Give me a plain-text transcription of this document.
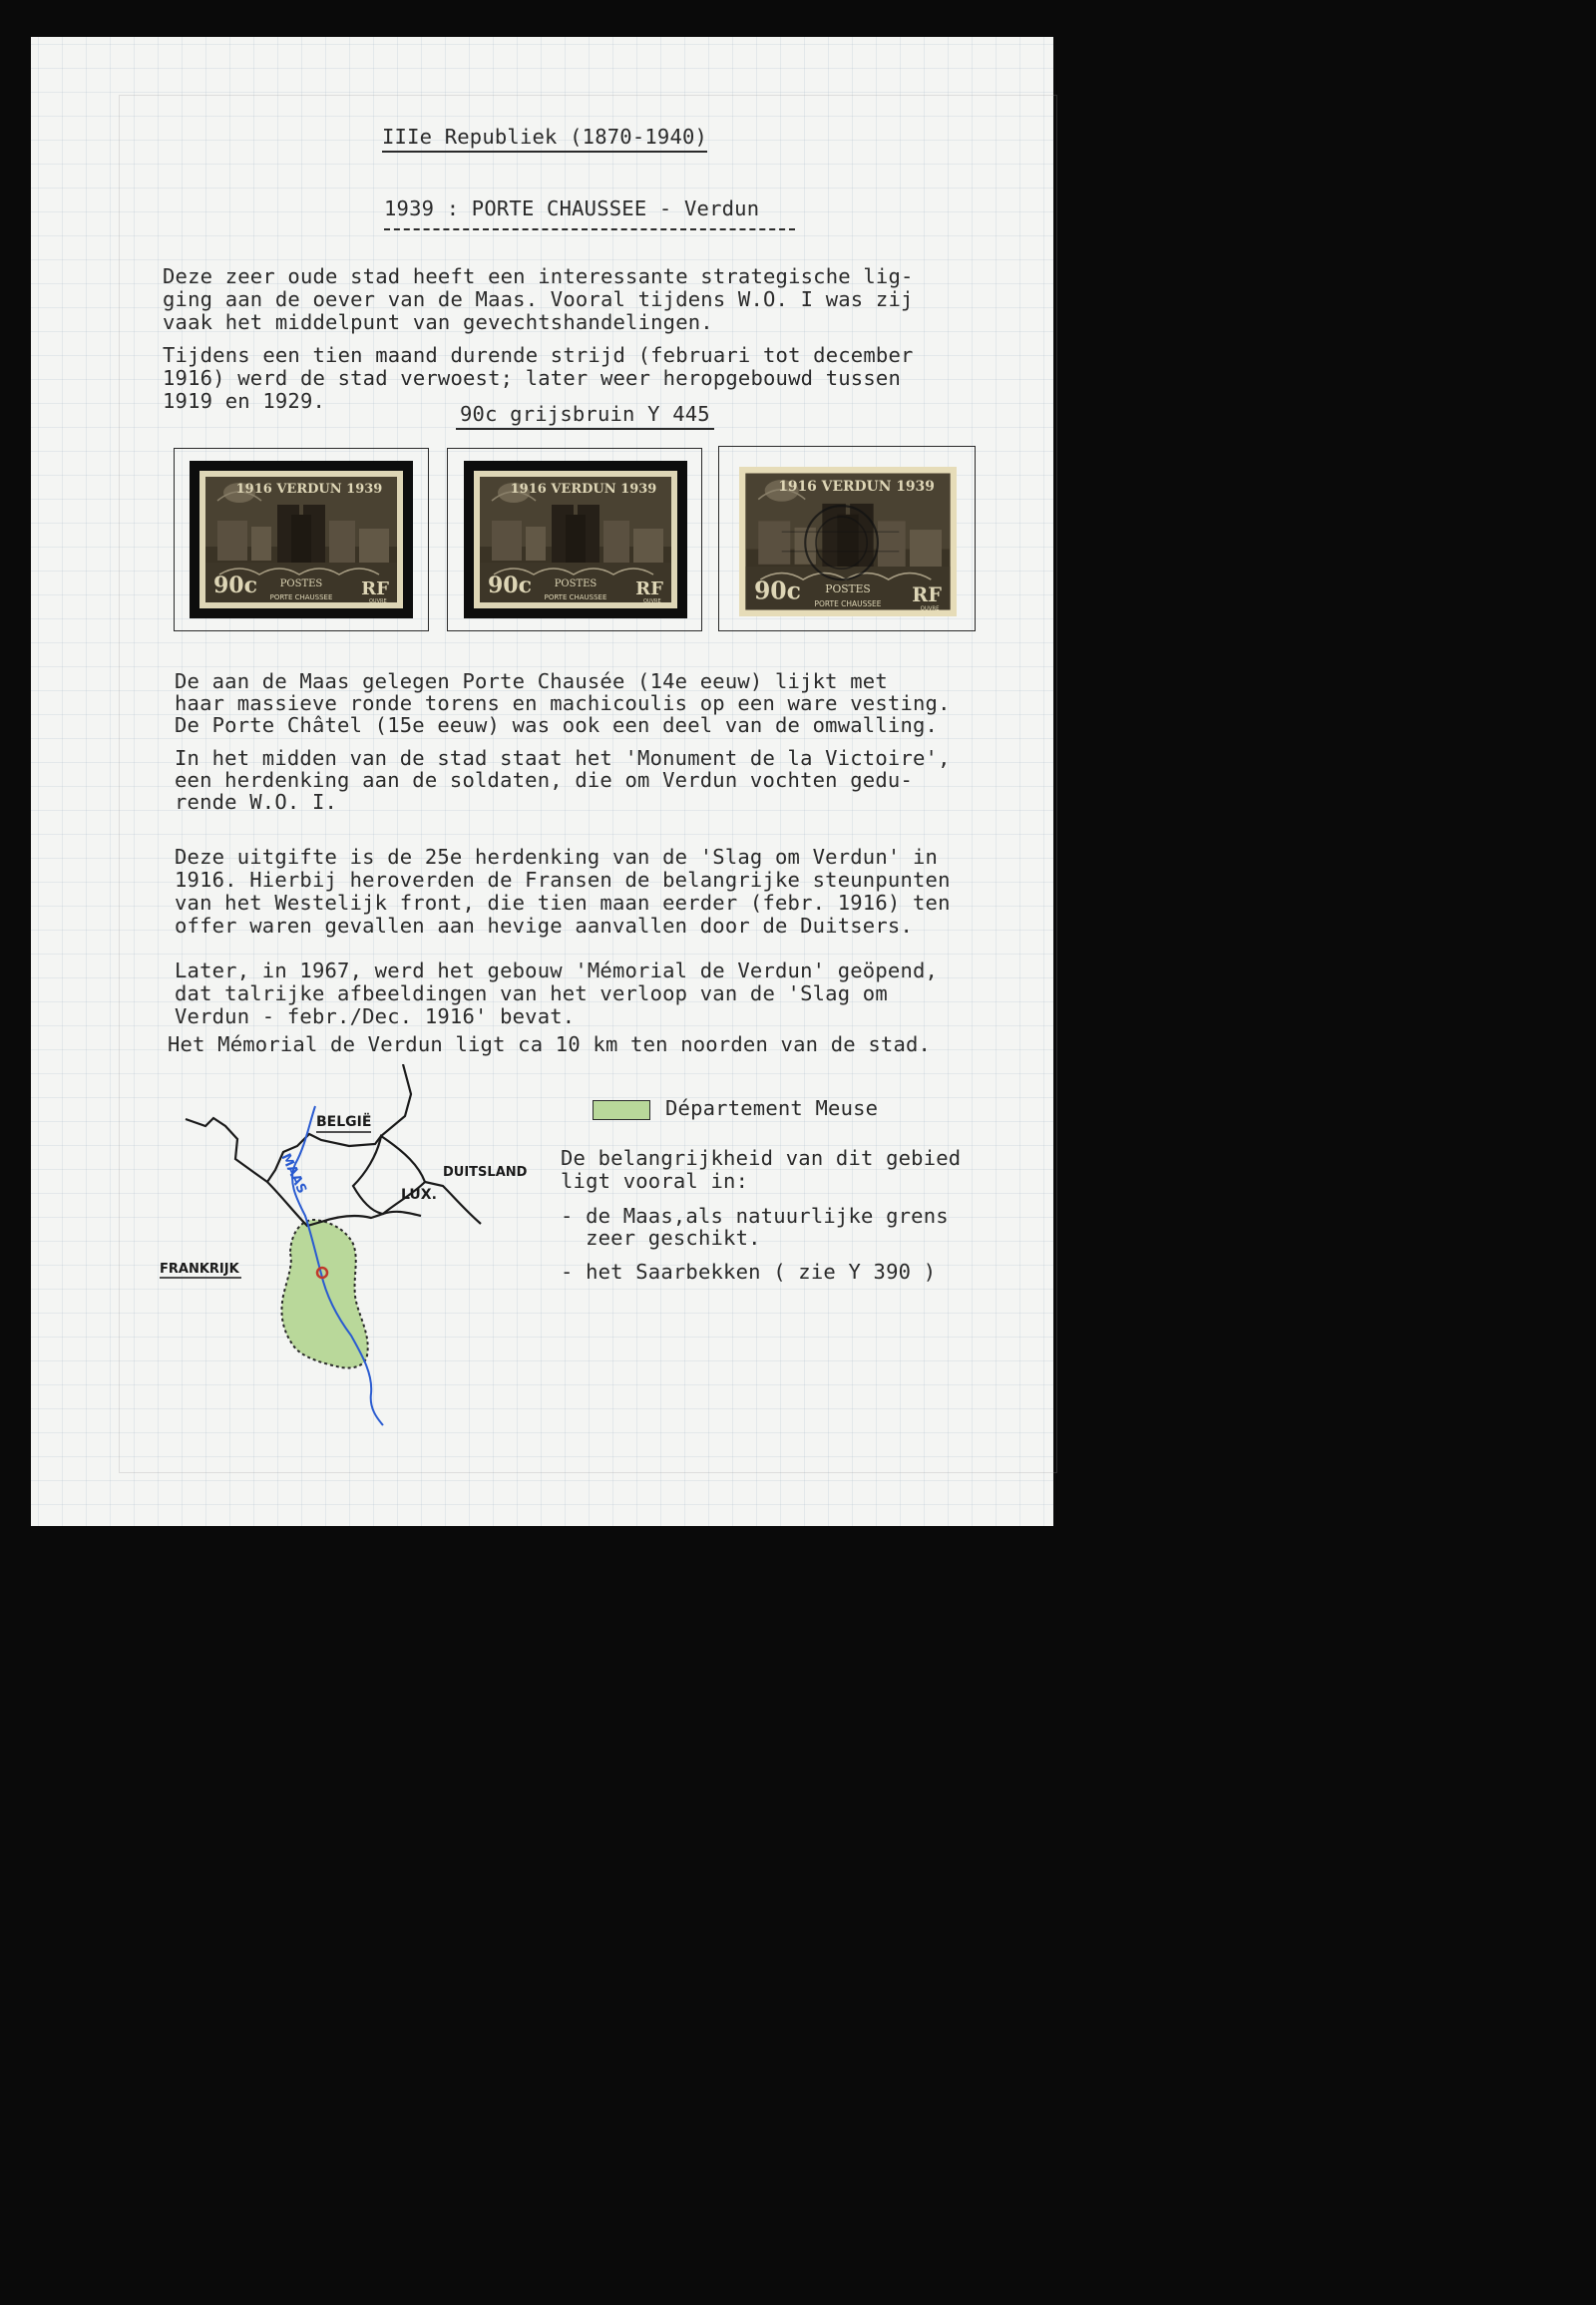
IIIe Republiek (1870-1940)
1939 : PORTE CHAUSSEE - Verdun
Deze zeer oude stad heeft een interessante strategische lig-
ging aan de oever van de Maas. Vooral tijdens W.O. I was zij
vaak het middelpunt van gevechtshandelingen.
Tijdens een tien maand durende strijd (februari tot december
1916) werd de stad verwoest; later weer heropgebouwd tussen
1919 en 1929.
90c grijsbruin Y 445
1916 VERDUN 1939
90c POSTES
PORTE CHAUSSEE RF
OUVRE
1916 VERDUN 1939
90c POSTES
PORTE CHAUSSEE RF
OUVRE
1916 VERDUN 1939
90c POSTES
PORTE CHAUSSEE RF
OUVRE
De aan de Maas gelegen Porte Chausée (14e eeuw) lijkt met
haar massieve ronde torens en machicoulis op een ware vesting.
De Porte Châtel (15e eeuw) was ook een deel van de omwalling.
In het midden van de stad staat het 'Monument de la Victoire',
een herdenking aan de soldaten, die om Verdun vochten gedu-
rende W.O. I.
Deze uitgifte is de 25e herdenking van de 'Slag om Verdun' in
1916. Hierbij heroverden de Fransen de belangrijke steunpunten
van het Westelijk front, die tien maan eerder (febr. 1916) ten
offer waren gevallen aan hevige aanvallen door de Duitsers.
Later, in 1967, werd het gebouw 'Mémorial de Verdun' geöpend,
dat talrijke afbeeldingen van het verloop van de 'Slag om
Verdun - febr./Dec. 1916' bevat.
Het Mémorial de Verdun ligt ca 10 km ten noorden van de stad.
BELGIË
DUITSLAND
LUX.
FRANKRIJK
MAAS
Département Meuse
De belangrijkheid van dit gebied
ligt vooral in:
- de Maas,als natuurlijke grens
zeer geschikt.
- het Saarbekken ( zie Y 390 )
